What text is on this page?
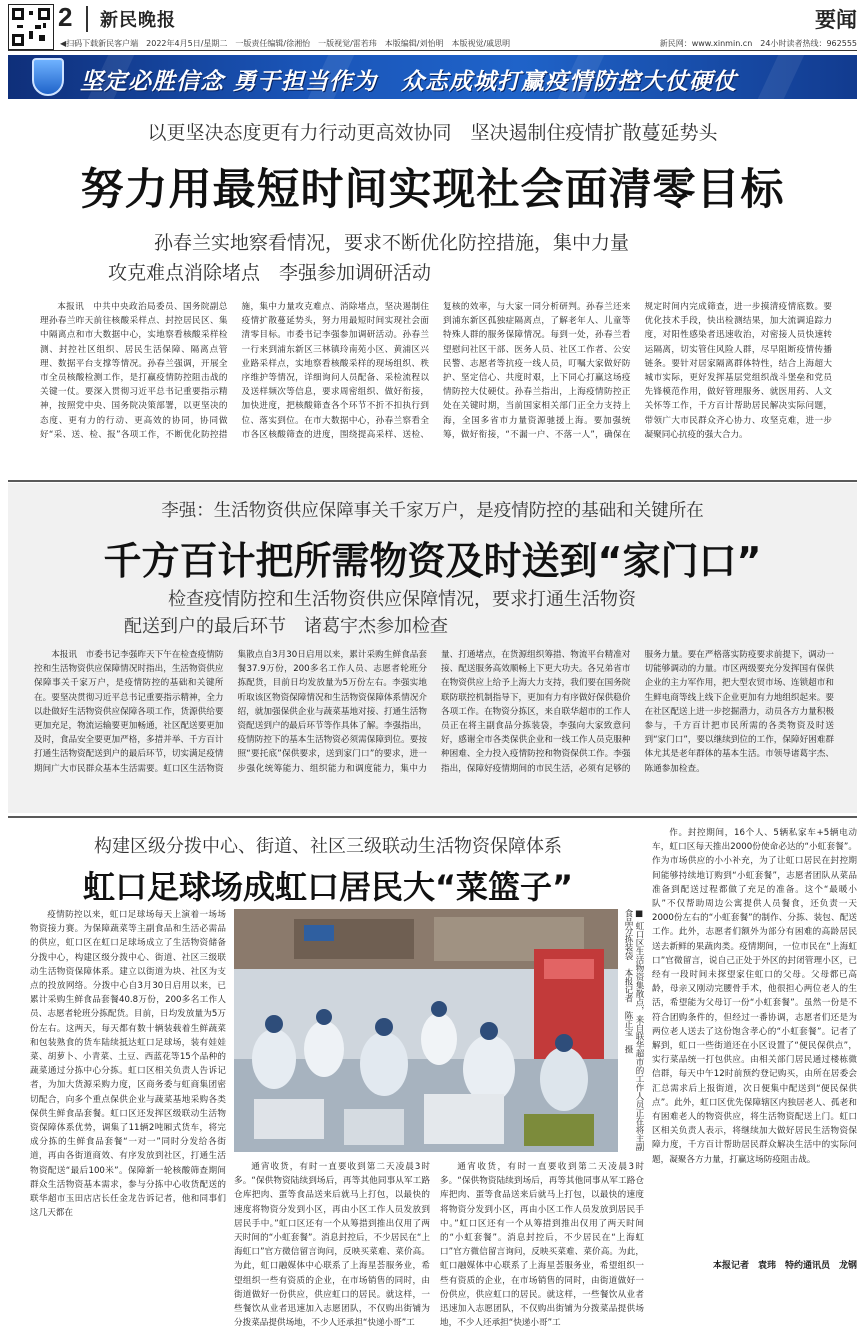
2 新民晚报	要闻
◀扫码下载新民客户端　2022年4月5日/星期二　一版责任编辑/徐湘怡　一版视觉/雷若玮　本版编辑/刘怡明　本版视觉/戚思明	新民网：www.xinmin.cn　24小时读者热线：962555
坚定必胜信念 勇于担当作为　众志成城打赢疫情防控大仗硬仗
以更坚决态度更有力行动更高效协同　坚决遏制住疫情扩散蔓延势头
努力用最短时间实现社会面清零目标
孙春兰实地察看情况，要求不断优化防控措施，集中力量
攻克难点消除堵点　李强参加调研活动

本报讯　中共中央政治局委员、国务院副总理孙春兰昨天前往核酸采样点、封控居民区、集中隔离点和市大数据中心，实地察看核酸采样检测、封控社区组织、居民生活保障、隔离点管理、数据平台支撑等情况。孙春兰强调，开展全市全员核酸检测工作，是打赢疫情防控阻击战的关键一仗。要深入贯彻习近平总书记重要指示精神，按照党中央、国务院决策部署，以更坚决的态度、更有力的行动、更高效的协同，协同做好“采、送、检、报”各项工作，不断优化防控措施，集中力量攻克难点、消除堵点，坚决遏制住疫情扩散蔓延势头，努力用最短时间实现社会面清零目标。市委书记李强参加调研活动。孙春兰一行来到浦东新区三林镇玲南苑小区、黄浦区兴业路采样点，实地察看核酸采样的现场组织、秩序维护等情况，详细询问人员配备、采检流程以及送样频次等信息，要求周密组织、做好衔接，加快进度，把核酸筛查各个环节不折不扣执行到位、落实到位。在市大数据中心，孙春兰察看全市各区核酸筛查的进度，围绕提高采样、送检、复核的效率，与大家一同分析研判。孙春兰还来到浦东新区孤独症隔离点，了解老年人、儿童等特殊人群的服务保障情况。每到一处，孙春兰看望慰问社区干部、医务人员、社区工作者、公安民警、志愿者等抗疫一线人员，叮嘱大家做好防护、坚定信心、共度时艰，上下同心打赢这场疫情防控大仗硬仗。孙春兰指出，上海疫情防控正处在关键时期，当前国家相关部门正全力支持上海，全国多省市力量资源驰援上海。要加强统筹，做好衔接，“不漏一户、不落一人”，确保在规定时间内完成筛查，进一步摸清疫情底数。要优化技术手段，快出检测结果，加大流调追踪力度，对阳性感染者迅速收治，对密接人员快速转运隔离，切实管住风险人群，尽早阻断疫情传播链条。要针对居家隔离群体特性，结合上海超大城市实际，更好发挥基层党组织战斗堡垒和党员先锋模范作用，做好管理服务、就医用药、人文关怀等工作，千方百计帮助居民解决实际问题，带领广大市民群众齐心协力、攻坚克难，进一步凝聚同心抗疫的强大合力。

李强：生活物资供应保障事关千家万户，是疫情防控的基础和关键所在
千方百计把所需物资及时送到“家门口”
检查疫情防控和生活物资供应保障情况，要求打通生活物资
配送到户的最后环节　诸葛宇杰参加检查

本报讯　市委书记李强昨天下午在检查疫情防控和生活物资供应保障情况时指出，生活物资供应保障事关千家万户，是疫情防控的基础和关键所在。要坚决贯彻习近平总书记重要指示精神，全力以赴做好生活物资供应保障各项工作，货源供给要更加充足，物流运输要更加畅通，社区配送要更加及时，食品安全要更加严格，多措并举、千方百计打通生活物资配送到户的最后环节，切实满足疫情期间广大市民群众基本生活需要。虹口区生活物资集散点自3月30日启用以来，累计采购生鲜食品套餐37.9万份，200多名工作人员、志愿者轮班分拣配货，目前日均发放量为5万份左右。李强实地听取该区物资保障情况和生活物资保障体系情况介绍，就加强保供企业与蔬菜基地对接、打通生活物资配送到户的最后环节等作具体了解。李强指出，疫情防控下的基本生活物资必须需保障到位。要按照“要托底”保供要求，送到家门口”的要求，进一步强化统筹能力、组织能力和调度能力，集中力量、打通堵点，在货源组织筹措、物流平台精准对接、配送服务高效顺畅上下更大功夫。各兄弟省市在物资供应上给予上海大力支持，我们要在国务院联防联控机制指导下，更加有力有序做好保供稳价各项工作。在物资分拣区，来自联华超市的工作人员正在将主副食品分拣装袋，李强向大家致意问好，感谢全市各类保供企业和一线工作人员克服种种困难、全力投入疫情防控和物资保供工作。李强指出，保障好疫情期间的市民生活，必须有足够的服务力量。要在严格落实防疫要求前提下，调动一切能够调动的力量。市区两级要充分发挥国有保供企业的主力军作用，把大型农贸市场、连锁超市和生鲜电商等线上线下企业更加有力地组织起来。要在社区配送上进一步挖掘潜力，动员各方力量积极参与，千方百计把市民所需的各类物资及时送到“家门口”，要以继续到位的工作，保障好困难群体尤其是老年群体的基本生活。市领导诸葛宇杰、陈通参加检查。

构建区级分拨中心、街道、社区三级联动生活物资保障体系
虹口足球场成虹口居民大“菜篮子”

疫情防控以来，虹口足球场每天上演着一场场物资接力赛。为保障蔬菜等主副食品和生活必需品的供应，虹口区在虹口足球场成立了生活物资储备分拨中心，构建区级分拨中心、街道、社区三级联动生活物资保障体系。建立以街道为块、社区为支点的投放网络。分拨中心自3月30日启用以来，已累计采购生鲜食品套餐40.8万份，200多名工作人员、志愿者轮班分拣配货。目前，日均发放量为5万份左右。这两天，每天都有数十辆装载着生鲜蔬菜和包装熟食的货车陆续抵达虹口足球场，装有娃娃菜、胡萝卜、小青菜、土豆、西蓝花等15个品种的蔬菜通过分拣中心分拣。虹口区相关负责人告诉记者，为加大货源采购力度，区商务委与虹商集团密切配合，向多个重点保供企业与蔬菜基地采购各类保供生鲜食品套餐。虹口区还发挥区级联动生活物资保障体系优势，调集了11辆2吨厢式货车，将完成分拣的生鲜食品套餐“一对一”同时分发给各街道，再由各街道商效、有序发放到社区，打通生活物资配送“最后100米”。保障新一轮核酸筛查期间群众生活物资基本需求，参与分拣中心收货配送的联华超市玉田店店长任金龙告诉记者，他和同事们这几天都在

■ 虹口区生活物资集散点，来自联华超市的工作人员正在将主副食品分拣装袋　本报记者　陈正宝　摄

通宵收货，有时一直要收到第二天凌晨3时多。“保供物资陆续到场后，再等其他同事从军工路仓库把肉、蛋等食品送来后就马上打包，以最快的速度将物资分发到小区，再由小区工作人员发放到居民手中。”虹口区还有一个从筹措到推出仅用了两天时间的“小虹套餐”。消息封控后，不少居民在“上海虹口”官方微信留言询问，反映买菜难、菜价高。为此，虹口融媒体中心联系了上海星荟服务业，希望组织一些有资质的企业，在市场销售的同时，由街道做好一份供应，供应虹口的居民。就这样，一些餐饮从业者迅速加入志愿团队，不仅购出街铺为分拨菜品提供场地，不少人还承担“快递小哥”工

通宵收货，有时一直要收到第二天凌晨3时多。“保供物资陆续到场后，再等其他同事从军工路仓库把肉、蛋等食品送来后就马上打包，以最快的速度将物资分发到小区，再由小区工作人员发放到居民手中。”虹口区还有一个从筹措到推出仅用了两天时间的“小虹套餐”。消息封控后，不少居民在“上海虹口”官方微信留言询问，反映买菜难、菜价高。为此，虹口融媒体中心联系了上海星荟服务业，希望组织一些有资质的企业，在市场销售的同时，由街道做好一份供应，供应虹口的居民。就这样，一些餐饮从业者迅速加入志愿团队，不仅购出街铺为分拨菜品提供场地，不少人还承担“快递小哥”工

作。封控期间，16个人、5辆私家车+5辆电动车，虹口区每天推出2000份使命必达的“小虹套餐”。作为市场供应的小小补充，为了让虹口居民在封控期间能够持续地订购到“小虹套餐”，志愿者团队从菜品准备到配送过程都做了充足的准备。这个“最暖小队”不仅帮助周边公寓提供人员餐食，还负责一天2000份左右的“小虹套餐”的制作、分拣、装包、配送工作。此外，志愿者们额外为部分有困难的高龄居民送去新鲜的果蔬肉类。疫情期间，一位市民在“上海虹口”官微留言，说自己正处于外区的封闭管理小区，已经有一段时间未探望家住虹口的父母。父母都已高龄，母亲又刚动完腰骨手术，他很担心两位老人的生活，希望能为父母订一份“小虹套餐”。虽然一份是不符合团购条件的，但经过一番协调，志愿者们还是为两位老人送去了这份饱含孝心的“小虹套餐”。记者了解到，虹口一些街道还在小区设置了“便民保供点”，实行菜品统一打包供应。由相关部门居民通过楼栋微信群，每天中午12时前预约登记购买，由所在居委会汇总需求后上报街道，次日便集中配送到“便民保供点”。此外，虹口区优先保障辖区内独居老人、孤老和有困难老人的物资供应，将生活物资配送上门。虹口区相关负责人表示，将继续加大做好居民生活物资保障力度，千方百计帮助居民群众解决生活中的实际问题，凝聚各方力量，打赢这场防疫阻击战。

本报记者　袁玮　特约通讯员　龙钢
